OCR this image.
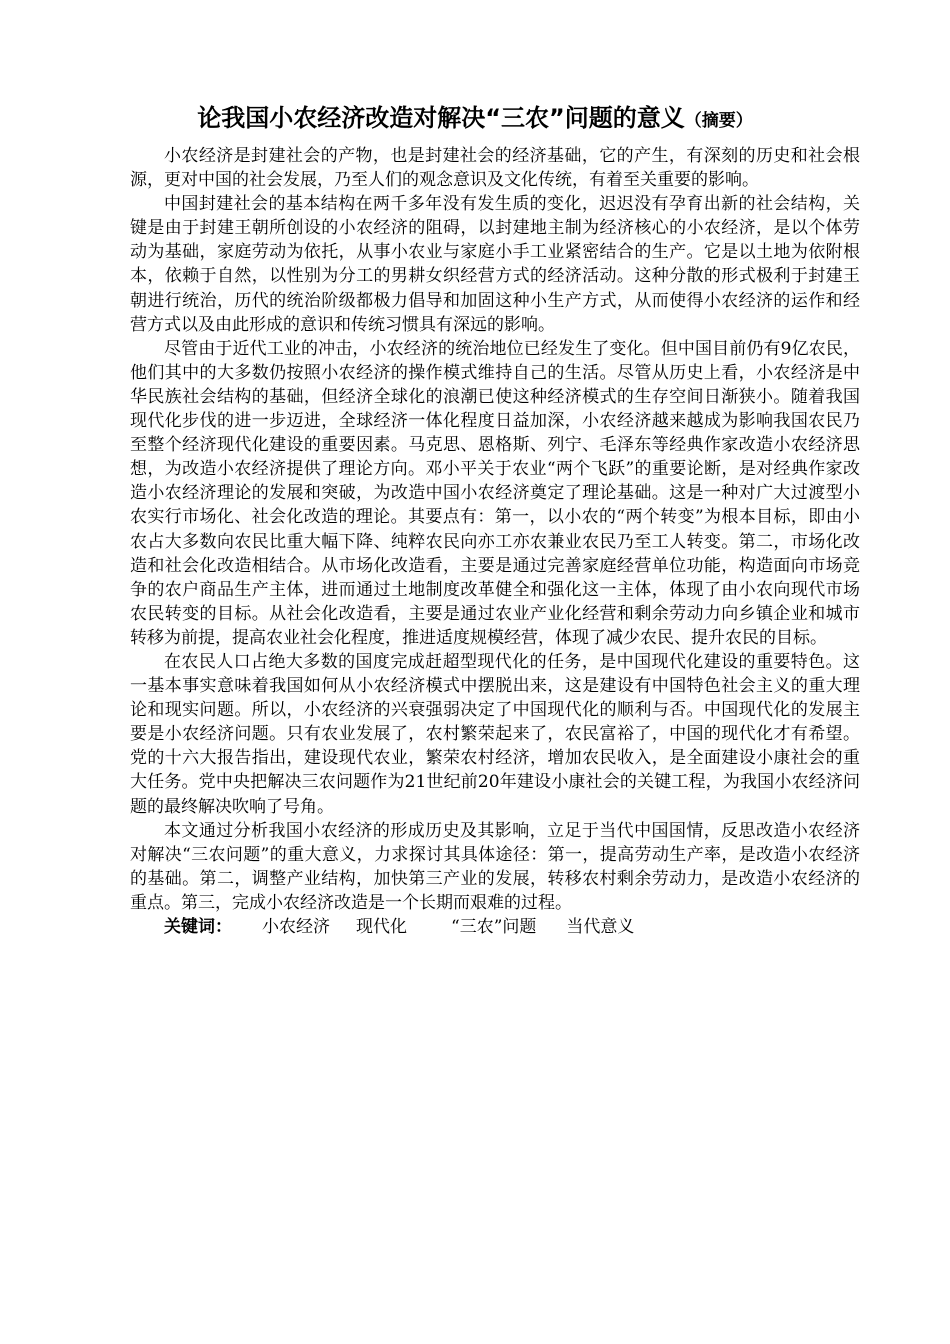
论我国小农经济改造对解决“三农”问题的意义（摘要）

小农经济是封建社会的产物，也是封建社会的经济基础，它的产生，有深刻的历史和社会根源，更对中国的社会发展，乃至人们的观念意识及文化传统，有着至关重要的影响。

中国封建社会的基本结构在两千多年没有发生质的变化，迟迟没有孕育出新的社会结构，关键是由于封建王朝所创设的小农经济的阻碍，以封建地主制为经济核心的小农经济，是以个体劳动为基础，家庭劳动为依托，从事小农业与家庭小手工业紧密结合的生产。它是以土地为依附根本，依赖于自然，以性别为分工的男耕女织经营方式的经济活动。这种分散的形式极利于封建王朝进行统治，历代的统治阶级都极力倡导和加固这种小生产方式，从而使得小农经济的运作和经营方式以及由此形成的意识和传统习惯具有深远的影响。

尽管由于近代工业的冲击，小农经济的统治地位已经发生了变化。但中国目前仍有9亿农民，他们其中的大多数仍按照小农经济的操作模式维持自己的生活。尽管从历史上看，小农经济是中华民族社会结构的基础，但经济全球化的浪潮已使这种经济模式的生存空间日渐狭小。随着我国现代化步伐的进一步迈进，全球经济一体化程度日益加深，小农经济越来越成为影响我国农民乃至整个经济现代化建设的重要因素。马克思、恩格斯、列宁、毛泽东等经典作家改造小农经济思想，为改造小农经济提供了理论方向。邓小平关于农业“两个飞跃”的重要论断，是对经典作家改造小农经济理论的发展和突破，为改造中国小农经济奠定了理论基础。这是一种对广大过渡型小农实行市场化、社会化改造的理论。其要点有：第一，以小农的“两个转变”为根本目标，即由小农占大多数向农民比重大幅下降、纯粹农民向亦工亦农兼业农民乃至工人转变。第二，市场化改造和社会化改造相结合。从市场化改造看，主要是通过完善家庭经营单位功能，构造面向市场竞争的农户商品生产主体，进而通过土地制度改革健全和强化这一主体，体现了由小农向现代市场农民转变的目标。从社会化改造看，主要是通过农业产业化经营和剩余劳动力向乡镇企业和城市转移为前提，提高农业社会化程度，推进适度规模经营，体现了减少农民、提升农民的目标。

在农民人口占绝大多数的国度完成赶超型现代化的任务，是中国现代化建设的重要特色。这一基本事实意味着我国如何从小农经济模式中摆脱出来，这是建设有中国特色社会主义的重大理论和现实问题。所以，小农经济的兴衰强弱决定了中国现代化的顺利与否。中国现代化的发展主要是小农经济问题。只有农业发展了，农村繁荣起来了，农民富裕了，中国的现代化才有希望。党的十六大报告指出，建设现代农业，繁荣农村经济，增加农民收入，是全面建设小康社会的重大任务。党中央把解决三农问题作为21世纪前20年建设小康社会的关键工程，为我国小农经济问题的最终解决吹响了号角。

本文通过分析我国小农经济的形成历史及其影响，立足于当代中国国情，反思改造小农经济对解决“三农问题”的重大意义，力求探讨其具体途径：第一，提高劳动生产率，是改造小农经济的基础。第二，调整产业结构，加快第三产业的发展，转移农村剩余劳动力，是改造小农经济的重点。第三，完成小农经济改造是一个长期而艰难的过程。

关键词： 小农经济 现代化	“三农”问题 当代意义
